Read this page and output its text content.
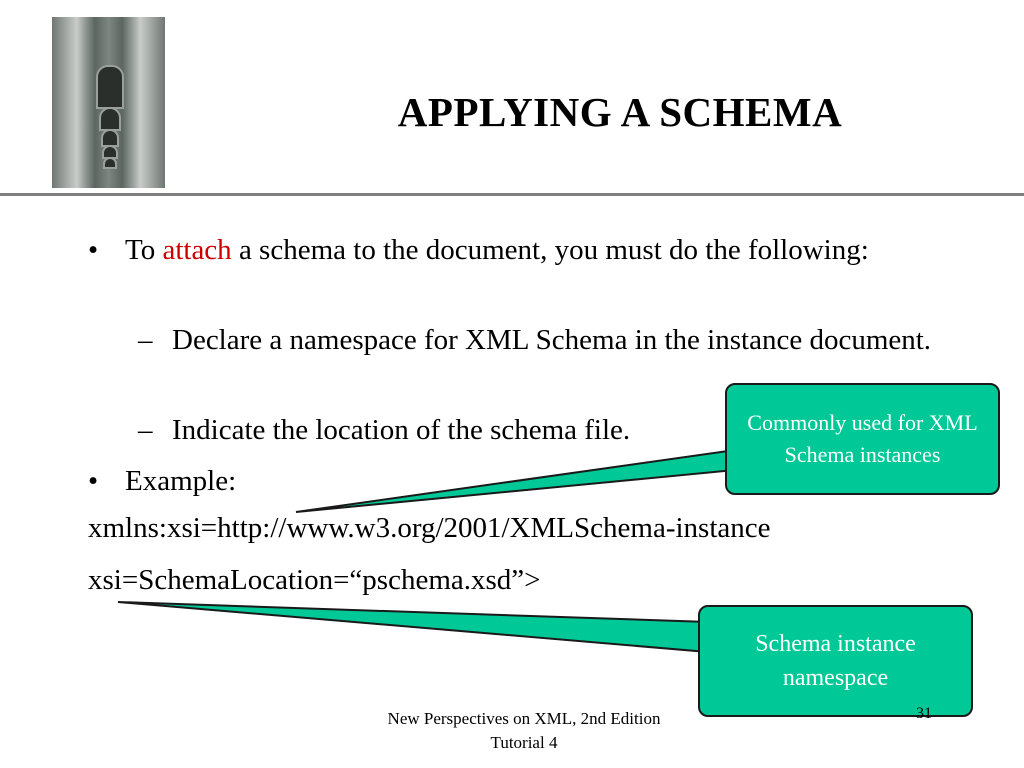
APPLYING A SCHEMA
• To attach a schema to the document, you must do the following:
– Declare a namespace for XML Schema in the instance document.
– Indicate the location of the schema file.
• Example:
xmlns:xsi=http://www.w3.org/2001/XMLSchema-instance
xsi=SchemaLocation=“pschema.xsd”>
Commonly used for XML Schema instances
Schema instance namespace
New Perspectives on XML, 2nd Edition
Tutorial 4
31
